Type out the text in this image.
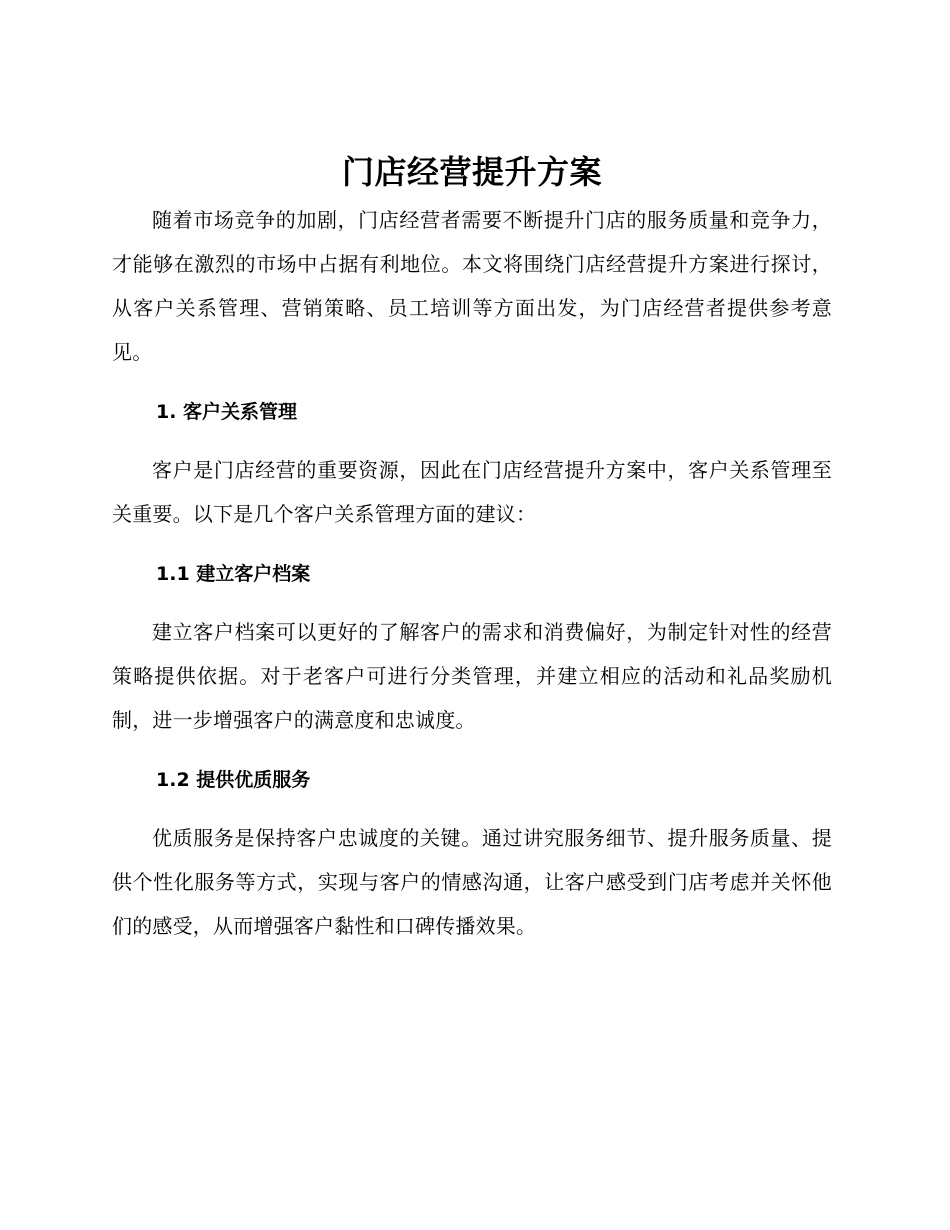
门店经营提升方案

随着市场竞争的加剧，门店经营者需要不断提升门店的服务质量和竞争力，才能够在激烈的市场中占据有利地位。本文将围绕门店经营提升方案进行探讨，从客户关系管理、营销策略、员工培训等方面出发，为门店经营者提供参考意见。

1. 客户关系管理

客户是门店经营的重要资源，因此在门店经营提升方案中，客户关系管理至关重要。以下是几个客户关系管理方面的建议：

1.1 建立客户档案

建立客户档案可以更好的了解客户的需求和消费偏好，为制定针对性的经营策略提供依据。对于老客户可进行分类管理，并建立相应的活动和礼品奖励机制，进一步增强客户的满意度和忠诚度。

1.2 提供优质服务

优质服务是保持客户忠诚度的关键。通过讲究服务细节、提升服务质量、提供个性化服务等方式，实现与客户的情感沟通，让客户感受到门店考虑并关怀他们的感受，从而增强客户黏性和口碑传播效果。
